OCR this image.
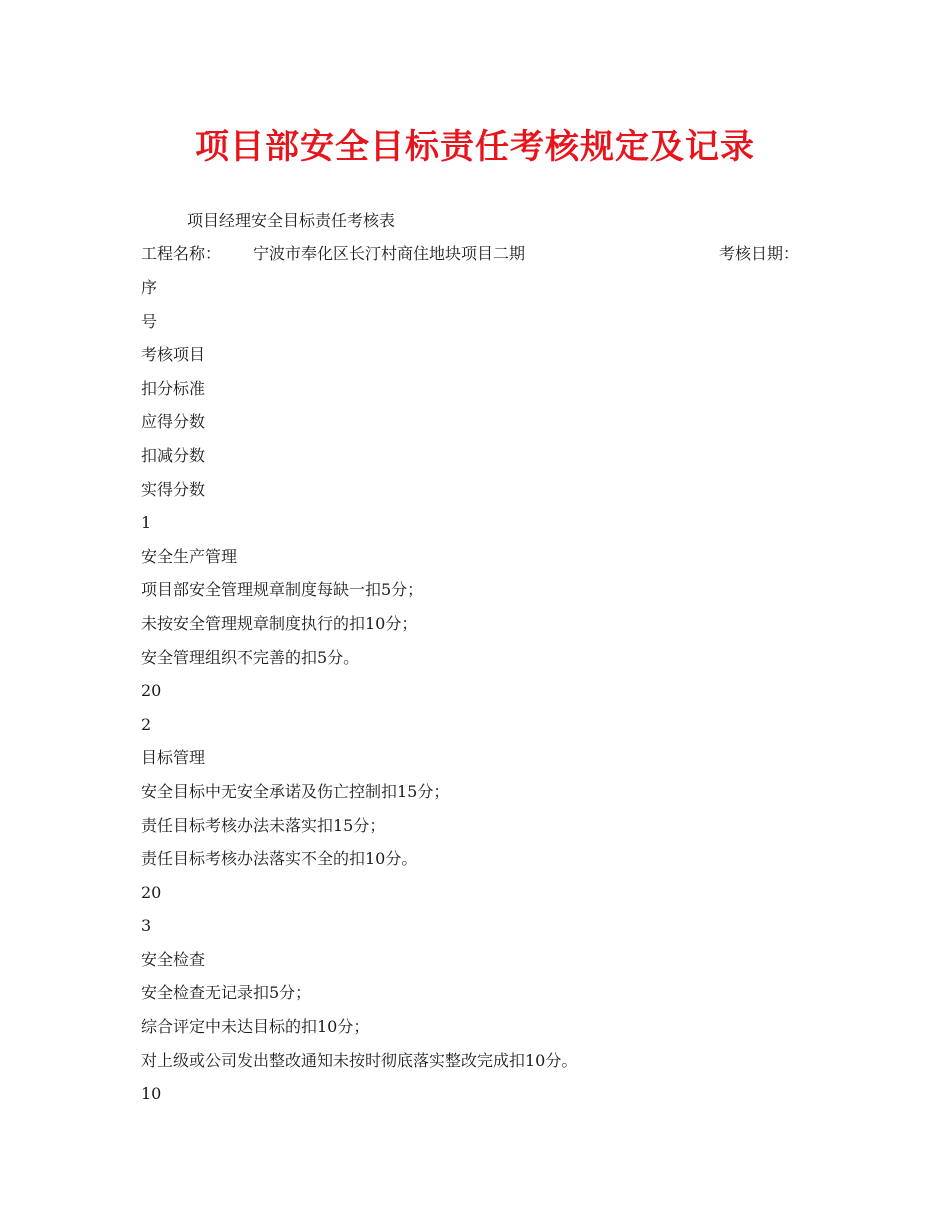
项目部安全目标责任考核规定及记录
项目经理安全目标责任考核表
工程名称： 宁波市奉化区长汀村商住地块项目二期	考核日期：
序
号
考核项目
扣分标准
应得分数
扣减分数
实得分数
1
安全生产管理
项目部安全管理规章制度每缺一扣5分；
未按安全管理规章制度执行的扣10分；
安全管理组织不完善的扣5分。
20
2
目标管理
安全目标中无安全承诺及伤亡控制扣15分；
责任目标考核办法未落实扣15分；
责任目标考核办法落实不全的扣10分。
20
3
安全检查
安全检查无记录扣5分；
综合评定中未达目标的扣10分；
对上级或公司发出整改通知未按时彻底落实整改完成扣10分。
10
